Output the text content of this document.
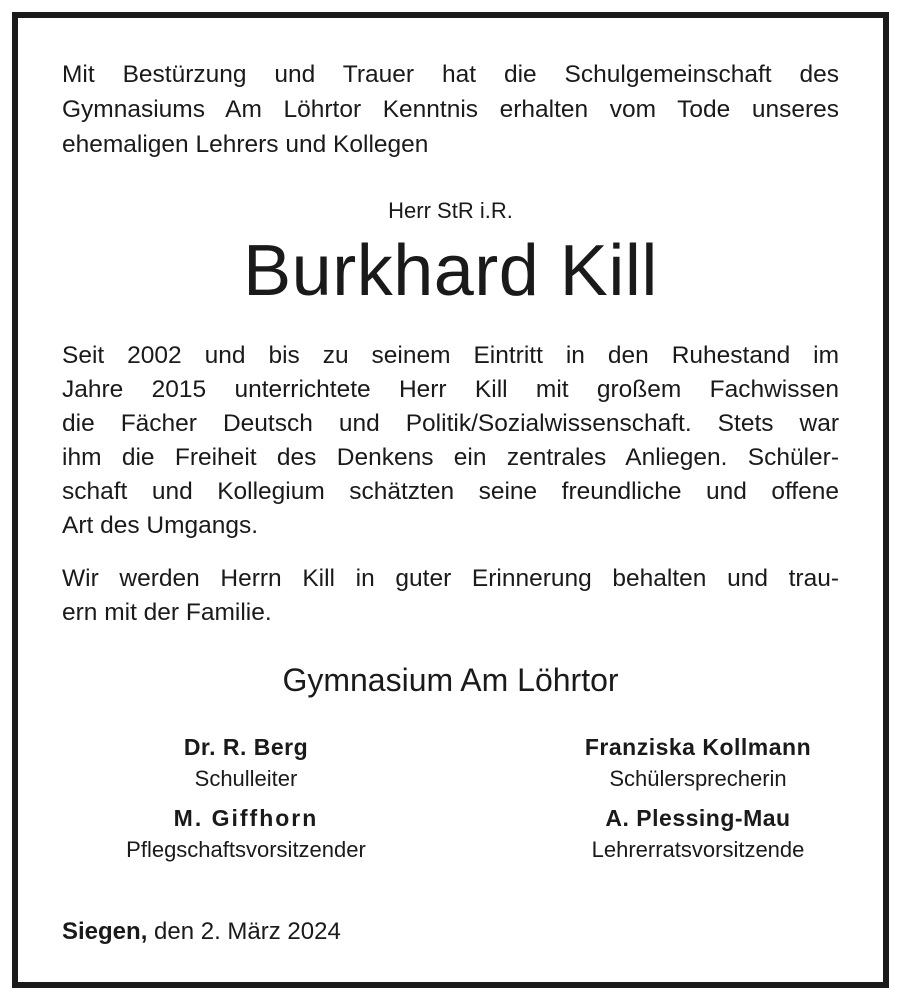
Mit Bestürzung und Trauer hat die Schulgemeinschaft des
Gymnasiums Am Löhrtor Kenntnis erhalten vom Tode unseres
ehemaligen Lehrers und Kollegen
Herr StR i.R.
Burkhard Kill
Seit 2002 und bis zu seinem Eintritt in den Ruhestand im
Jahre 2015 unterrichtete Herr Kill mit großem Fachwissen
die Fächer Deutsch und Politik/Sozialwissenschaft. Stets war
ihm die Freiheit des Denkens ein zentrales Anliegen. Schüler-
schaft und Kollegium schätzten seine freundliche und offene
Art des Umgangs.
Wir werden Herrn Kill in guter Erinnerung behalten und trau-
ern mit der Familie.
Gymnasium Am Löhrtor
Dr. R. Berg
Schulleiter
Franziska Kollmann
Schülersprecherin
M. Giffhorn
Pflegschaftsvorsitzender
A. Plessing-Mau
Lehrerratsvorsitzende
Siegen, den 2. März 2024
